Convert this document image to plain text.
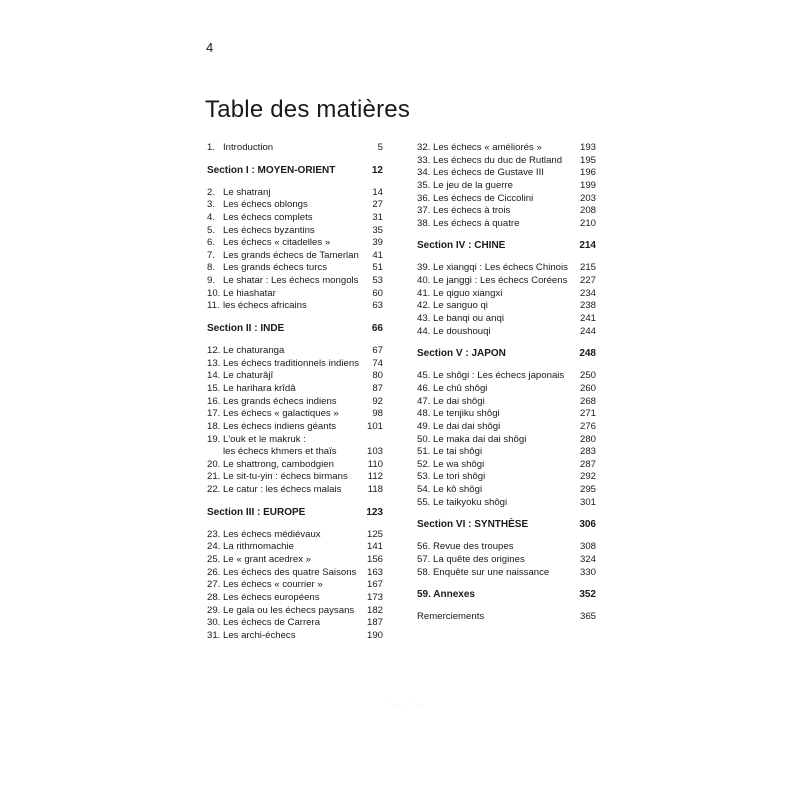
4
Table des matières
1. Introduction	5
Section I : MOYEN-ORIENT	12
2. Le shatranj	14
3. Les échecs oblongs	27
4. Les échecs complets	31
5. Les échecs byzantins	35
6. Les échecs « citadelles »	39
7. Les grands échecs de Tamerlan	41
8. Les grands échecs turcs	51
9. Le shatar : Les échecs mongols	53
10. Le hiashatar	60
11. les échecs africains	63
Section II : INDE	66
12. Le chaturanga	67
13. Les échecs traditionnels indiens	74
14. Le chaturâjî	80
15. Le harihara krîdâ	87
16. Les grands échecs indiens	92
17. Les échecs « galactiques »	98
18. Les échecs indiens géants	101
19. L'ouk et le makruk :
les échecs khmers et thaïs	103
20. Le shattrong, cambodgien	110
21. Le sit-tu-yin : échecs birmans	112
22. Le catur : les échecs malais	118
Section III : EUROPE	123
23. Les échecs médiévaux	125
24. La rithmomachie	141
25. Le « grant acedrex »	156
26. Les échecs des quatre Saisons	163
27. Les échecs « courrier »	167
28. Les échecs européens	173
29. Le gala ou les échecs paysans	182
30. Les échecs de Carrera	187
31. Les archi-échecs	190
32. Les échecs « améliorés »	193
33. Les échecs du duc de Rutland	195
34. Les échecs de Gustave III	196
35. Le jeu de la guerre	199
36. Les échecs de Ciccolini	203
37. Les échecs à trois	208
38. Les échecs à quatre	210
Section IV : CHINE	214
39. Le xiangqi : Les échecs Chinois	215
40. Le janggi : Les échecs Coréens	227
41. Le qiguo xiangxi	234
42. Le sanguo qi	238
43. Le banqi ou anqi	241
44. Le doushouqi	244
Section V : JAPON	248
45. Le shôgi : Les échecs japonais	250
46. Le chû shôgi	260
47. Le dai shôgi	268
48. Le tenjiku shôgi	271
49. Le dai dai shôgi	276
50. Le maka dai dai shôgi	280
51. Le tai shôgi	283
52. Le wa shôgi	287
53. Le tori shôgi	292
54. Le kô shôgi	295
55. Le taikyoku shôgi	301
Section VI : SYNTHÈSE	306
56. Revue des troupes	308
57. La quête des origines	324
58. Enquête sur une naissance	330
59. Annexes	352
Remerciements	365
· ‥ · ‥
